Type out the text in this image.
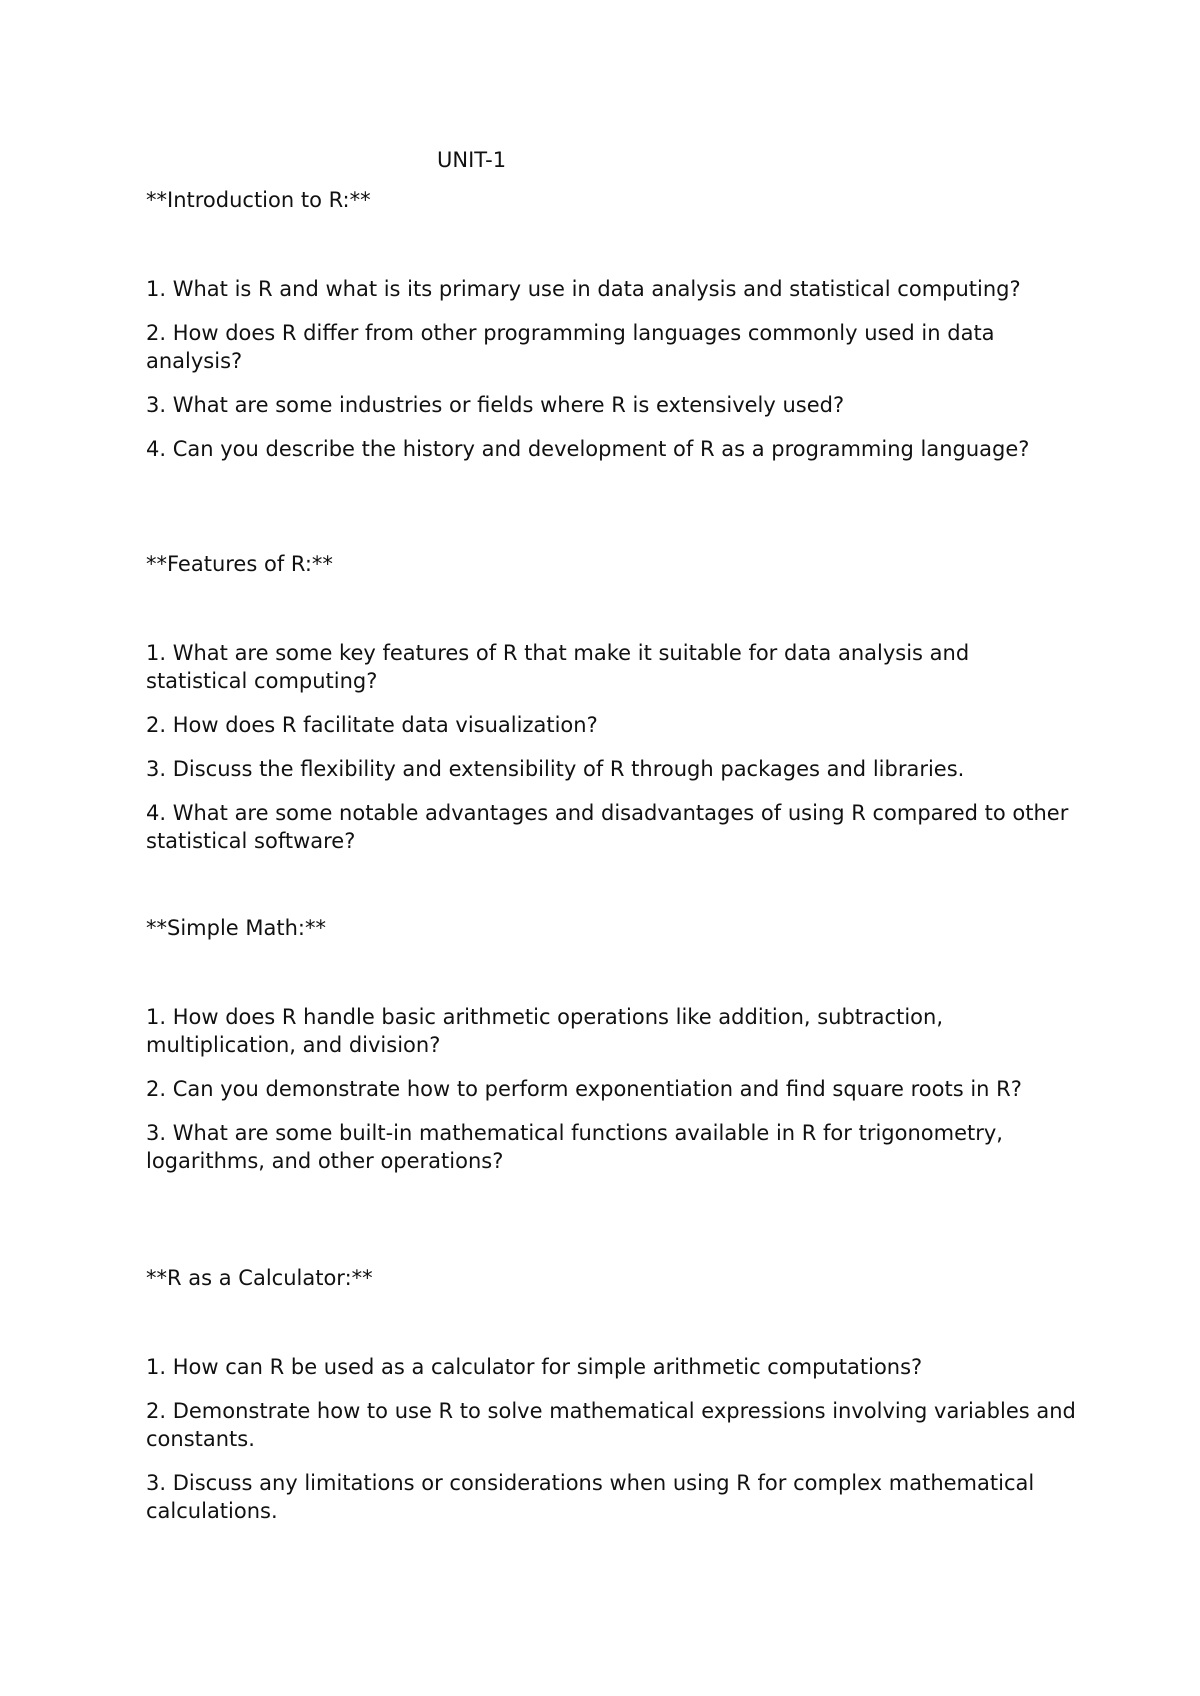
UNIT-1

**Introduction to R:**

1. What is R and what is its primary use in data analysis and statistical computing?

2. How does R differ from other programming languages commonly used in data analysis?

3. What are some industries or fields where R is extensively used?

4. Can you describe the history and development of R as a programming language?

**Features of R:**

1. What are some key features of R that make it suitable for data analysis and statistical computing?

2. How does R facilitate data visualization?

3. Discuss the flexibility and extensibility of R through packages and libraries.

4. What are some notable advantages and disadvantages of using R compared to other statistical software?

**Simple Math:**

1. How does R handle basic arithmetic operations like addition, subtraction, multiplication, and division?

2. Can you demonstrate how to perform exponentiation and find square roots in R?

3. What are some built-in mathematical functions available in R for trigonometry, logarithms, and other operations?

**R as a Calculator:**

1. How can R be used as a calculator for simple arithmetic computations?

2. Demonstrate how to use R to solve mathematical expressions involving variables and constants.

3. Discuss any limitations or considerations when using R for complex mathematical calculations.
